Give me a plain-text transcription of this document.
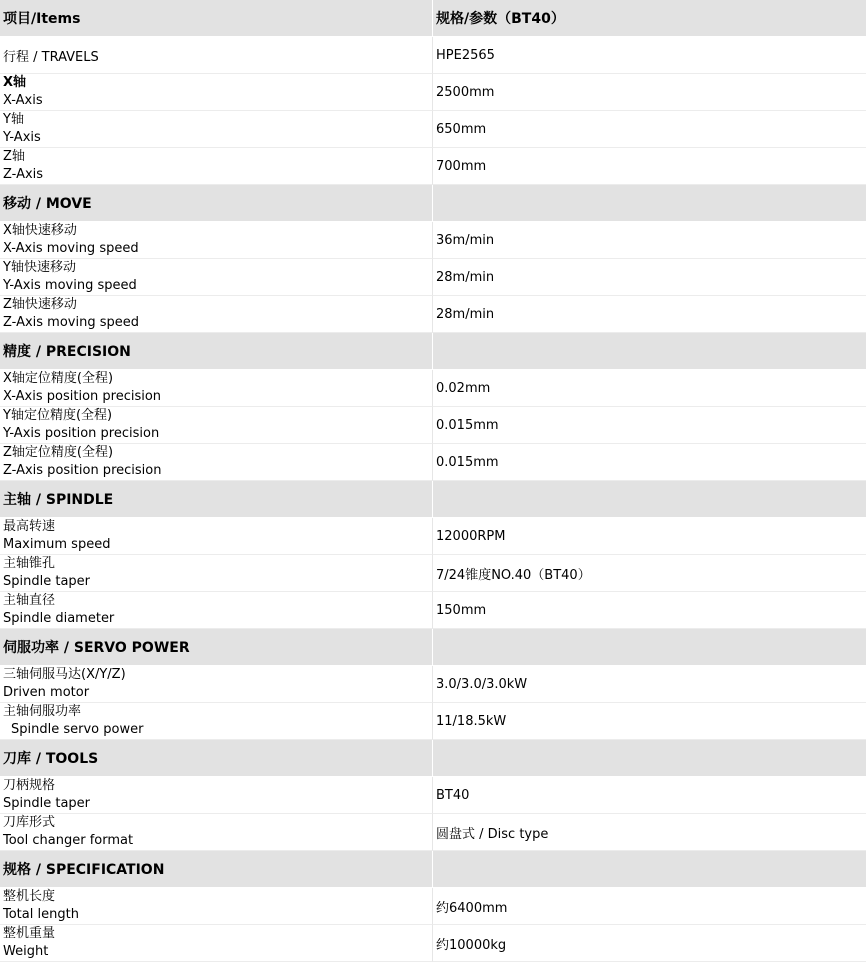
项目/Items	规格/参数（BT40）
行程 / TRAVELS	HPE2565

X轴
X-Axis	2500mm

Y轴
Y-Axis	650mm

Z轴
Z-Axis	700mm
移动 / MOVE	

X轴快速移动
X-Axis moving speed	36m/min

Y轴快速移动
Y-Axis moving speed	28m/min

Z轴快速移动
Z-Axis moving speed	28m/min
精度 / PRECISION	

X轴定位精度(全程)
X-Axis position precision	0.02mm

Y轴定位精度(全程)
Y-Axis position precision	0.015mm

Z轴定位精度(全程)
Z-Axis position precision	0.015mm
主轴 / SPINDLE	

最高转速
Maximum speed	12000RPM

主轴锥孔
Spindle taper	7/24锥度NO.40（BT40）

主轴直径
Spindle diameter	150mm
伺服功率 / SERVO POWER	

三轴伺服马达(X/Y/Z)
Driven motor	3.0/3.0/3.0kW

主轴伺服功率
Spindle servo power	11/18.5kW
刀库 / TOOLS	

刀柄规格
Spindle taper	BT40

刀库形式
Tool changer format	圆盘式 / Disc type
规格 / SPECIFICATION	

整机长度
Total length	约6400mm

整机重量
Weight	约10000kg
